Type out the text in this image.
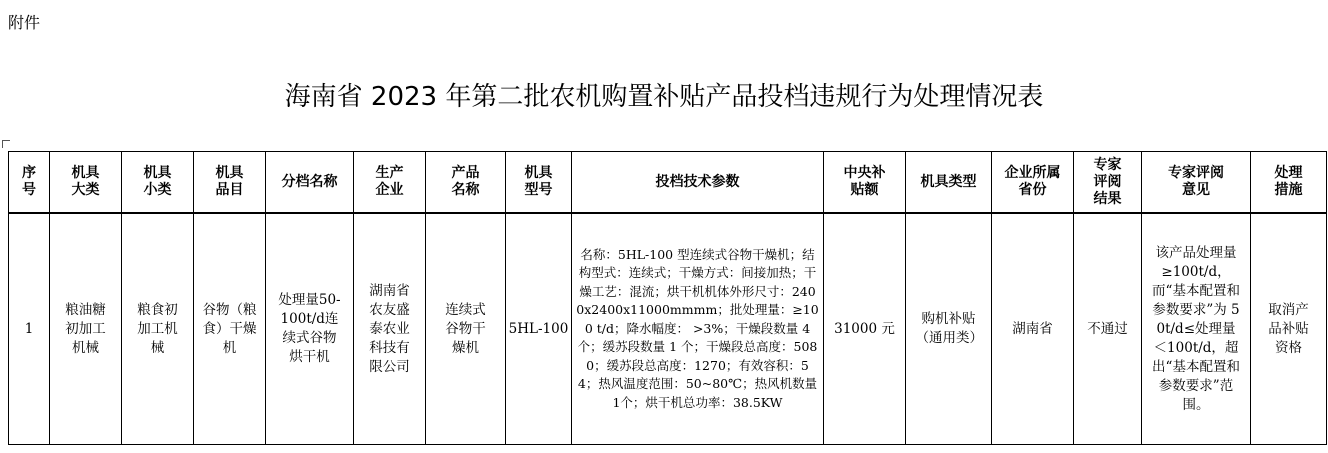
附件
海南省 2023 年第二批农机购置补贴产品投档违规行为处理情况表
序号	机具大类	机具小类	机具品目	分档名称	生产企业	产品名称	机具型号	投档技术参数	中央补贴额	机具类型	企业所属省份	专家评阅结果	专家评阅意见	处理措施

1	粮油糖初加工机械	粮食初加工机械	谷物（粮食）干燥机	处理量50-100t/d连续式谷物烘干机	湖南省农友盛泰农业科技有限公司	连续式谷物干燥机	5HL-100	名称：5HL-100 型连续式谷物干燥机；结构型式：连续式；干燥方式：间接加热；干燥工艺：混流；烘干机机体外形尺寸：2400x2400x11000mmmm；批处理量：≥100 t/d；降水幅度： >3%；干燥段数量 4 个；缓苏段数量 1 个；干燥段总高度：5080；缓苏段总高度：1270；有效容积：54；热风温度范围：50~80℃；热风机数量 1个；烘干机总功率：38.5KW	31000 元	购机补贴（通用类）	湖南省	不通过	该产品处理量≥100t/d，而“基本配置和参数要求”为 50t/d≤处理量＜100t/d，超出“基本配置和参数要求”范围。	取消产品补贴资格
